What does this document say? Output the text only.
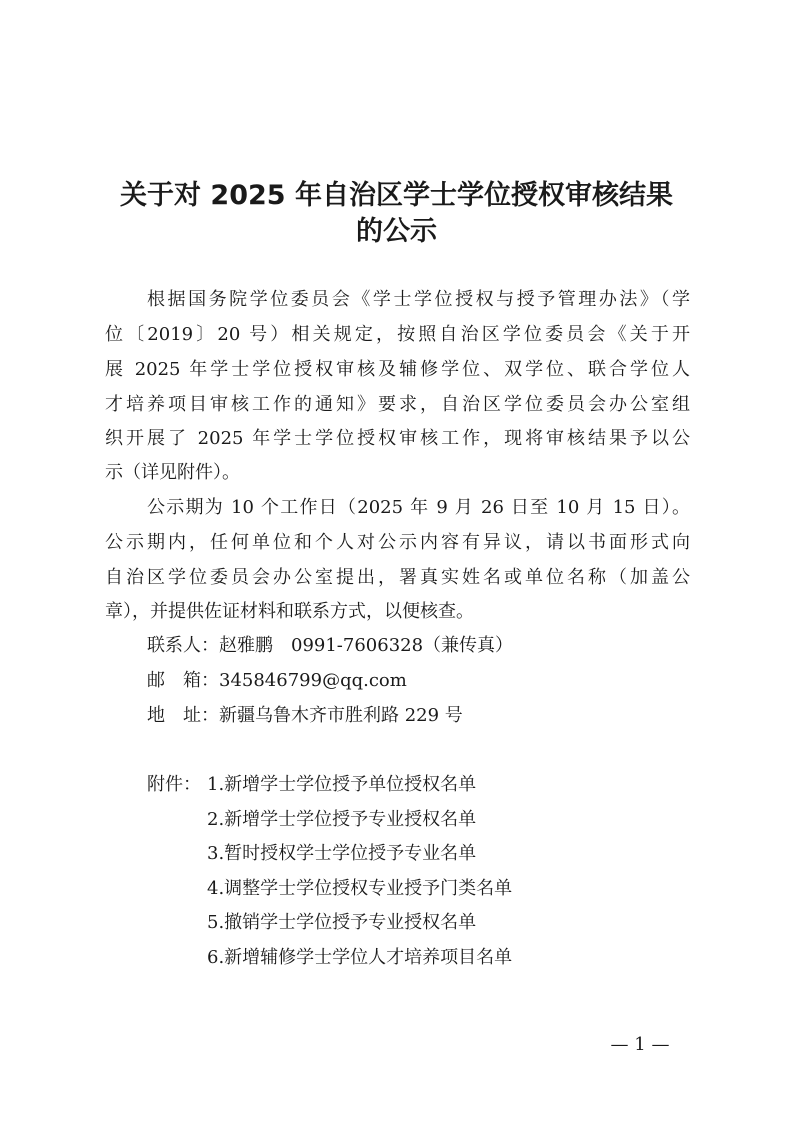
关于对 2025 年自治区学士学位授权审核结果
的公示

根据国务院学位委员会《学士学位授权与授予管理办法》（学

位〔2019〕20 号）相关规定，按照自治区学位委员会《关于开

展 2025 年学士学位授权审核及辅修学位、双学位、联合学位人

才培养项目审核工作的通知》要求，自治区学位委员会办公室组

织开展了 2025 年学士学位授权审核工作，现将审核结果予以公

示（详见附件）。

公示期为 10 个工作日（2025 年 9 月 26 日至 10 月 15 日）。

公示期内，任何单位和个人对公示内容有异议，请以书面形式向

自治区学位委员会办公室提出，署真实姓名或单位名称（加盖公

章），并提供佐证材料和联系方式，以便核查。

联系人：赵雅鹏　0991-7606328（兼传真）

邮　箱：345846799@qq.com

地　址：新疆乌鲁木齐市胜利路 229 号

附件： 1.新增学士学位授予单位授权名单

2.新增学士学位授予专业授权名单

3.暂时授权学士学位授予专业名单

4.调整学士学位授权专业授予门类名单

5.撤销学士学位授予专业授权名单

6.新增辅修学士学位人才培养项目名单

— 1 —
